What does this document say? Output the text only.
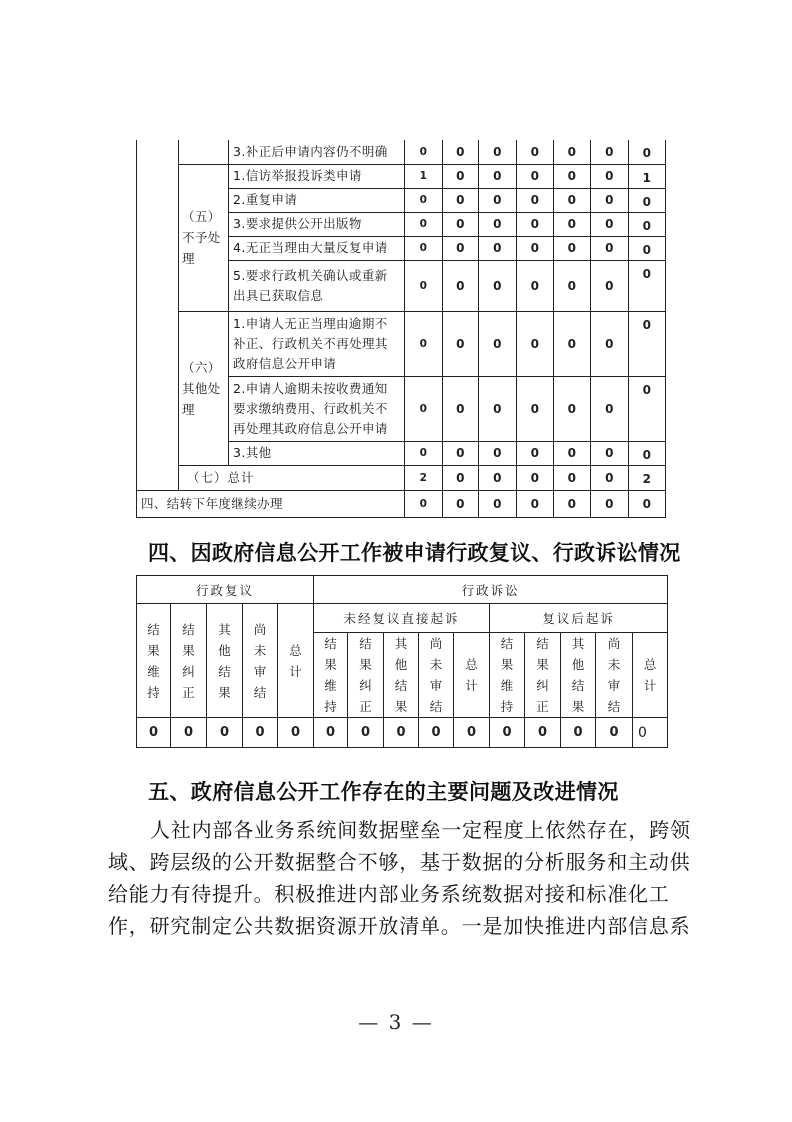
		3.补正后申请内容仍不明确	0	0	0	0	0	0	0
	（五）不予处理	1.信访举报投诉类申请	1	0	0	0	0	0	1
		2.重复申请	0	0	0	0	0	0	0
		3.要求提供公开出版物	0	0	0	0	0	0	0
		4.无正当理由大量反复申请	0	0	0	0	0	0	0
		5.要求行政机关确认或重新出具已获取信息	0	0	0	0	0	0	0
	（六）其他处理	1.申请人无正当理由逾期不补正、行政机关不再处理其政府信息公开申请	0	0	0	0	0	0	0
		2.申请人逾期未按收费通知要求缴纳费用、行政机关不再处理其政府信息公开申请	0	0	0	0	0	0	0
		3.其他	0	0	0	0	0	0	0
	（七）总计		2	0	0	0	0	0	2
四、结转下年度继续办理			0	0	0	0	0	0	0
四、因政府信息公开工作被申请行政复议、行政诉讼情况
行政复议					行政诉讼									
结果维持	结果纠正	其他结果	尚未审结	总计	未经复议直接起诉					复议后起诉				
					结果维持	结果纠正	其他结果	尚未审结	总计	结果维持	结果纠正	其他结果	尚未审结	总计
0	0	0	0	0	0	0	0	0	0	0	0	0	0	0
五、政府信息公开工作存在的主要问题及改进情况
人社内部各业务系统间数据壁垒一定程度上依然存在，跨领
域、跨层级的公开数据整合不够，基于数据的分析服务和主动供
给能力有待提升。积极推进内部业务系统数据对接和标准化工
作，研究制定公共数据资源开放清单。一是加快推进内部信息系
— 3 —
